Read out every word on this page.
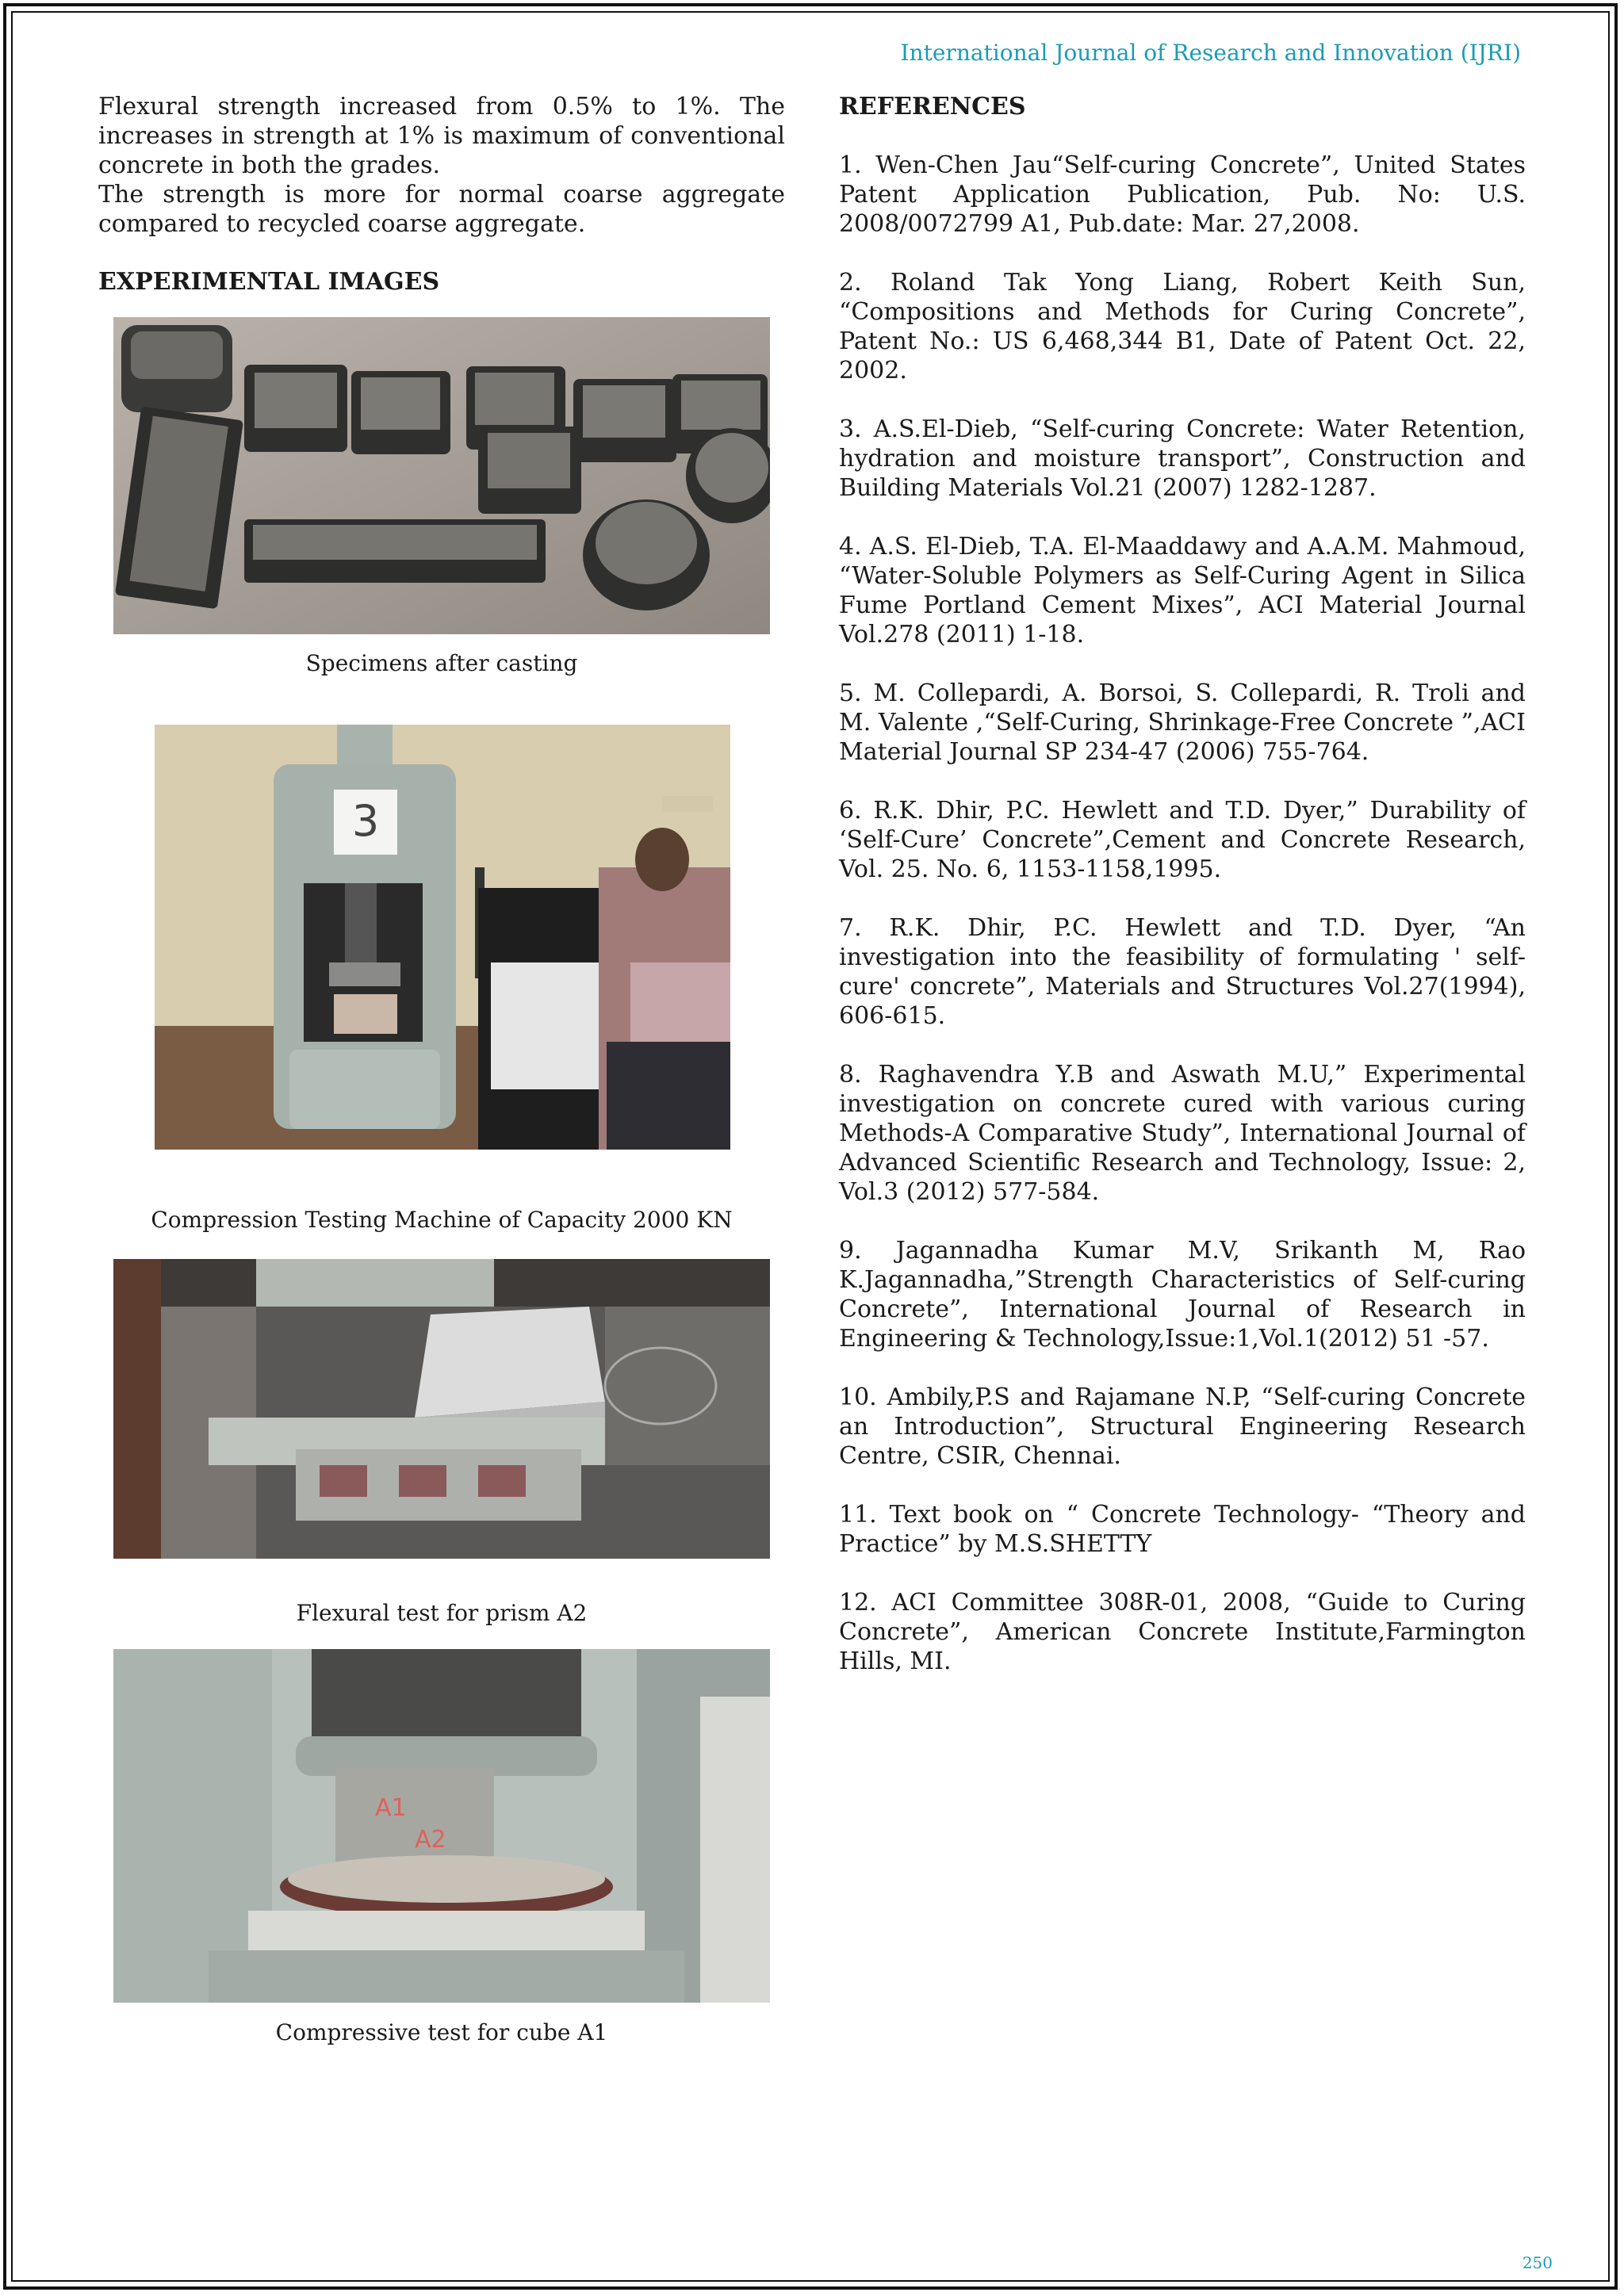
International Journal of Research and Innovation (IJRI)

Flexural strength increased from 0.5% to 1%. The increases in strength at 1% is maximum of conventional concrete in both the grades.

The strength is more for normal coarse aggregate compared to recycled coarse aggregate.

EXPERIMENTAL IMAGES

Specimens after casting
3
Compression Testing Machine of Capacity 2000 KN
Flexural test for prism A2
A1
A2
Compressive test for cube A1

REFERENCES

1. Wen-Chen Jau“Self-curing Concrete”, United States Patent Application Publication, Pub. No: U.S. 2008/0072799 A1, Pub.date: Mar. 27,2008.

2. Roland Tak Yong Liang, Robert Keith Sun, “Compositions and Methods for Curing Concrete”, Patent No.: US 6,468,344 B1, Date of Patent Oct. 22, 2002.

3. A.S.El-Dieb, “Self-curing Concrete: Water Retention, hydration and moisture transport”, Construction and Building Materials Vol.21 (2007) 1282-1287.

4. A.S. El-Dieb, T.A. El-Maaddawy and A.A.M. Mahmoud, “Water-Soluble Polymers as Self-Curing Agent in Silica Fume Portland Cement Mixes”, ACI Material Journal Vol.278 (2011) 1-18.

5. M. Collepardi, A. Borsoi, S. Collepardi, R. Troli and M. Valente ,“Self-Curing, Shrinkage-Free Concrete ”,ACI Material Journal SP 234-47 (2006) 755-764.

6. R.K. Dhir, P.C. Hewlett and T.D. Dyer,” Durability of ‘Self-Cure’ Concrete”,Cement and Concrete Research, Vol. 25. No. 6, 1153-1158,1995.

7. R.K. Dhir, P.C. Hewlett and T.D. Dyer, “An investigation into the feasibility of formulating ' self-cure' concrete”, Materials and Structures Vol.27(1994), 606-615.

8. Raghavendra Y.B and Aswath M.U,” Experimental investigation on concrete cured with various curing Methods-A Comparative Study”, International Journal of Advanced Scientific Research and Technology, Issue: 2, Vol.3 (2012) 577-584.

9. Jagannadha Kumar M.V, Srikanth M, Rao K.Jagannadha,”Strength Characteristics of Self-curing Concrete”, International Journal of Research in Engineering & Technology,Issue:1,Vol.1(2012) 51 -57.

10. Ambily,P.S and Rajamane N.P, “Self-curing Concrete an Introduction”, Structural Engineering Research Centre, CSIR, Chennai.

11. Text book on “ Concrete Technology- “Theory and Practice” by M.S.SHETTY

12. ACI Committee 308R-01, 2008, “Guide to Curing Concrete”, American Concrete Institute,Farmington Hills, MI.

250
